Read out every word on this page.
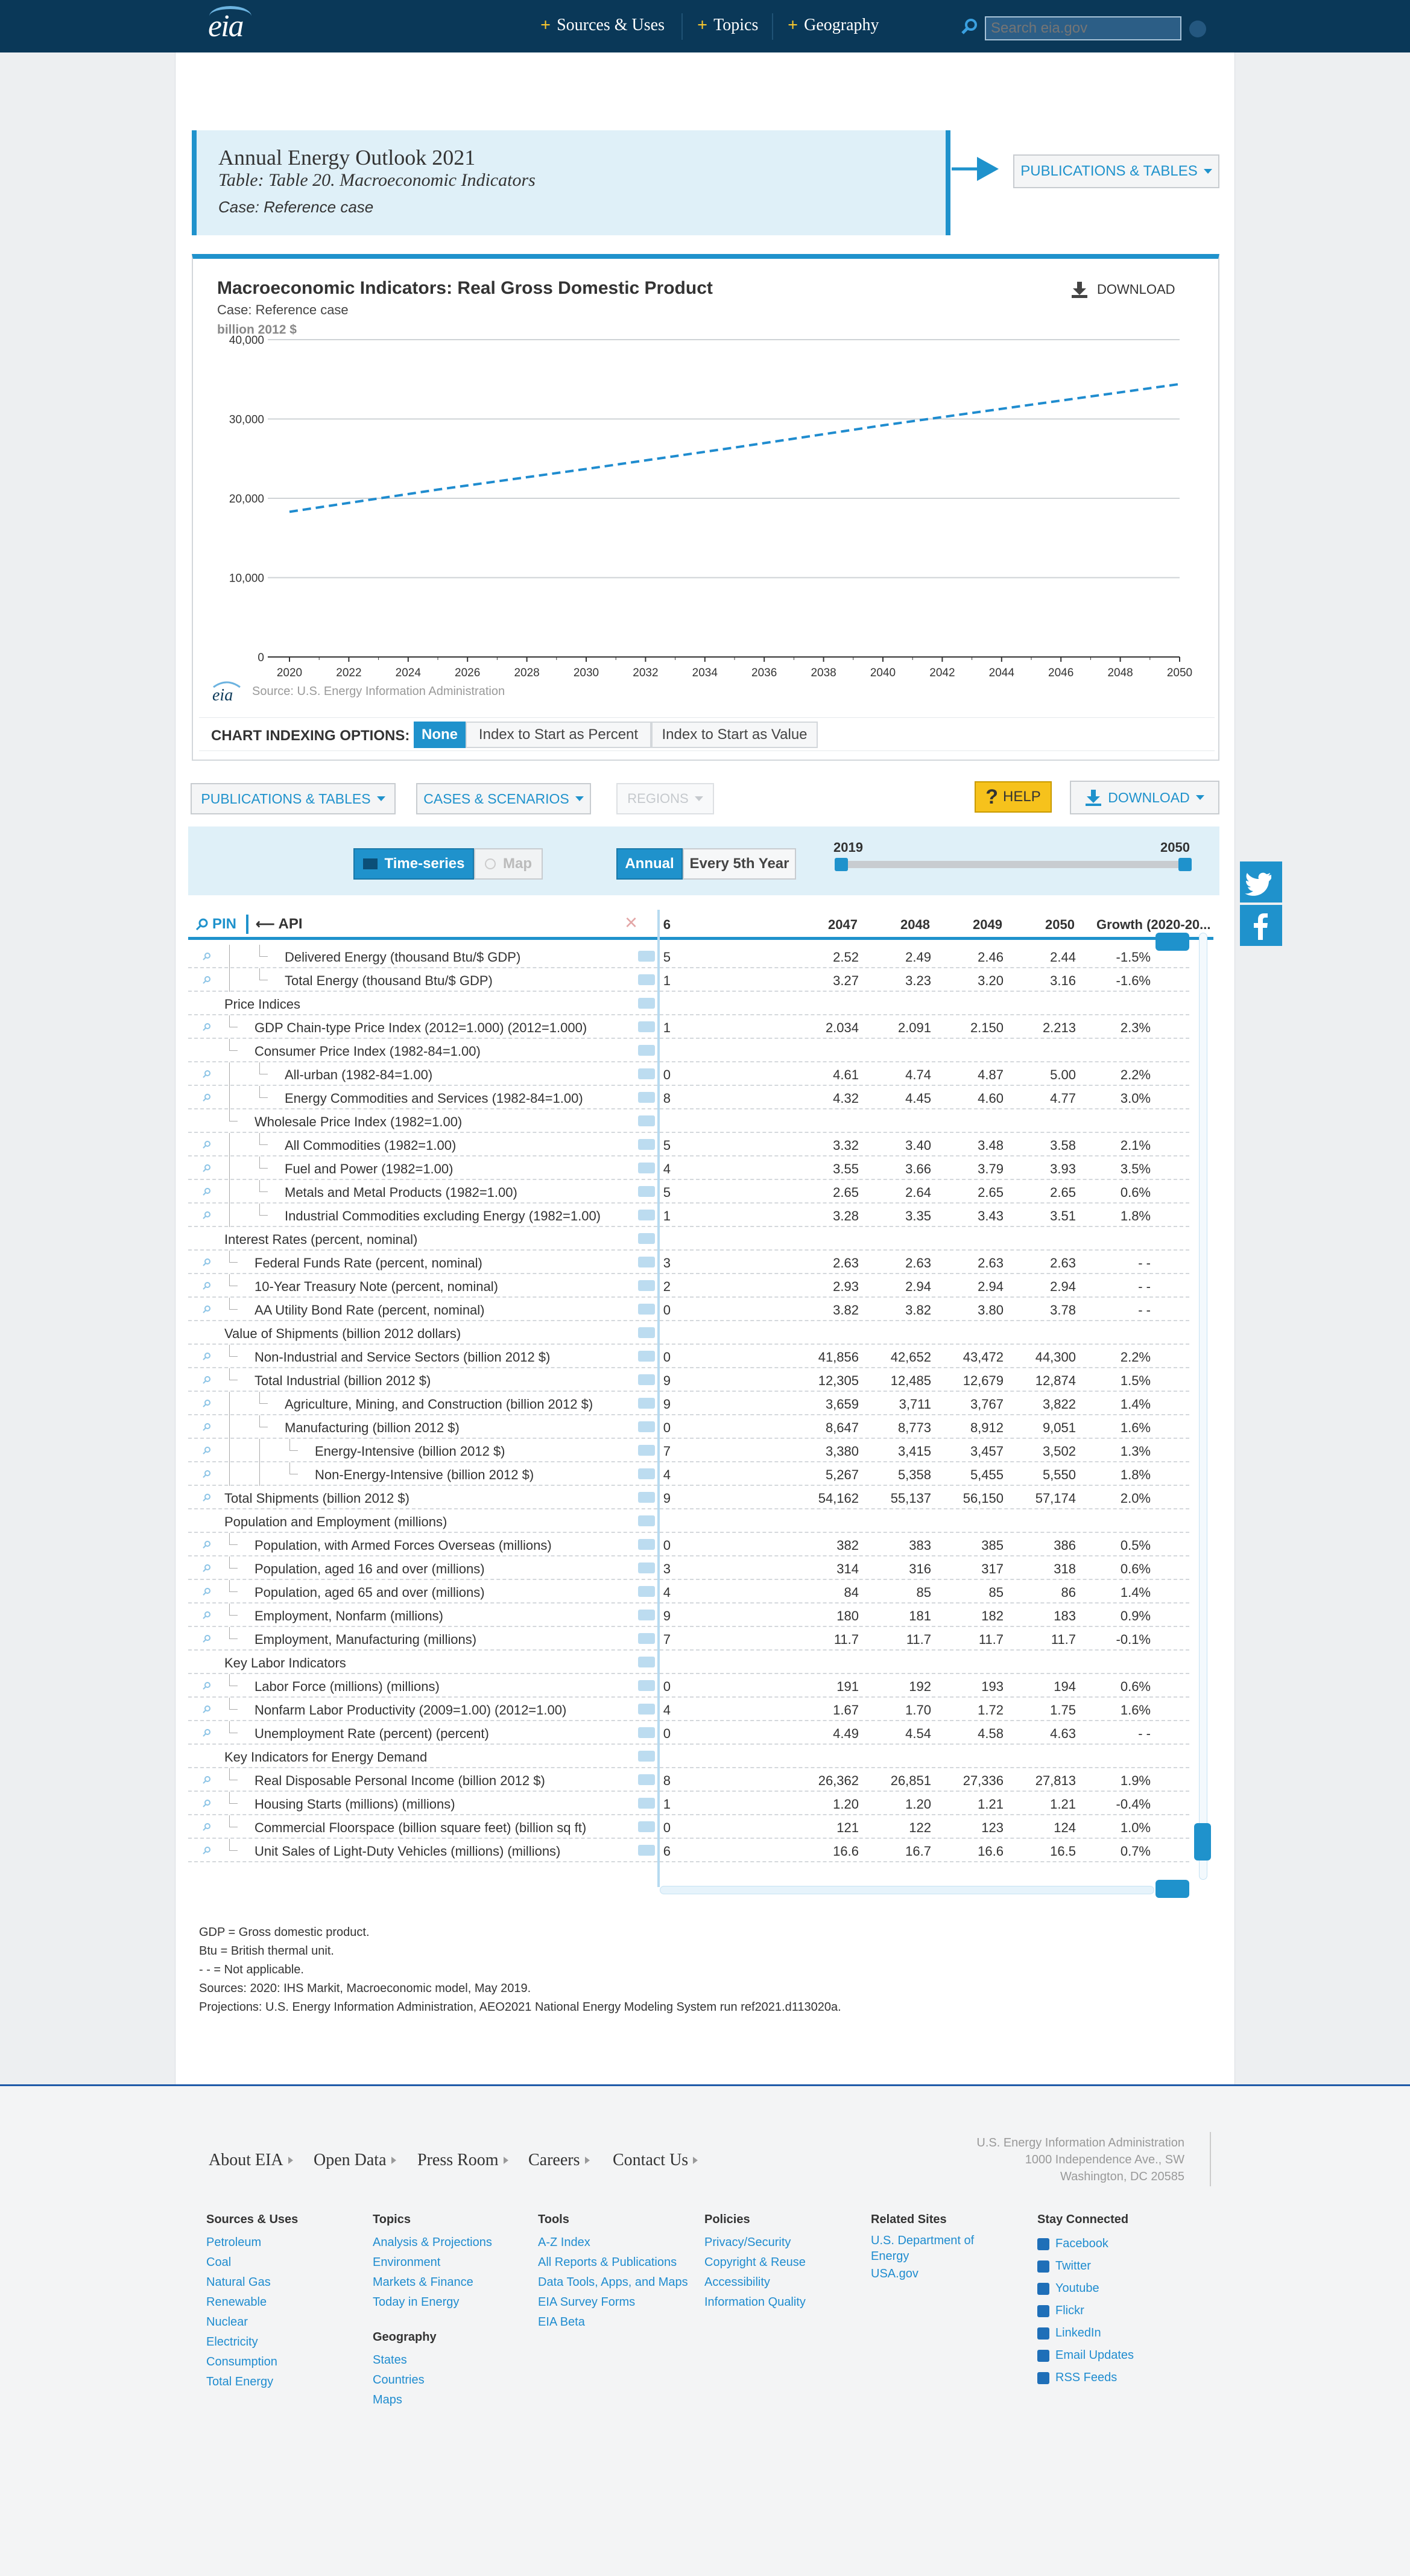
eia	+ Sources & Uses + Topics + Geography
Search eia.gov
Annual Energy Outlook 2021
Table: Table 20. Macroeconomic Indicators
Case: Reference case
PUBLICATIONS & TABLES
Macroeconomic Indicators: Real Gross Domestic Product
Case: Reference case
billion 2012 $
DOWNLOAD
0
10,000
20,000
30,000
40,000
2020	2022	2024	2026	2028	2030	2032	2034	2036	2038	2040	2042	2044	2046	2048	2050
eia Source: U.S. Energy Information Administration
CHART INDEXING OPTIONS: None	Index to Start as Percent	Index to Start as Value
PUBLICATIONS & TABLES	CASES & SCENARIOS	REGIONS	? HELP	DOWNLOAD
Time-series	Map	Annual	Every 5th Year
2019	2050
PIN ⟵ API	×	6	2047	2048	2049	2050	Growth (2020-20...
Delivered Energy (thousand Btu/$ GDP)	5	2.52	2.49	2.46	2.44	-1.5%
Total Energy (thousand Btu/$ GDP)	1	3.27	3.23	3.20	3.16	-1.6%
Price Indices
GDP Chain-type Price Index (2012=1.000) (2012=1.000)	1	2.034	2.091	2.150	2.213	2.3%
Consumer Price Index (1982-84=1.00)
All-urban (1982-84=1.00)	0	4.61	4.74	4.87	5.00	2.2%
Energy Commodities and Services (1982-84=1.00)	8	4.32	4.45	4.60	4.77	3.0%
Wholesale Price Index (1982=1.00)
All Commodities (1982=1.00)	5	3.32	3.40	3.48	3.58	2.1%
Fuel and Power (1982=1.00)	4	3.55	3.66	3.79	3.93	3.5%
Metals and Metal Products (1982=1.00)	5	2.65	2.64	2.65	2.65	0.6%
Industrial Commodities excluding Energy (1982=1.00)	1	3.28	3.35	3.43	3.51	1.8%
Interest Rates (percent, nominal)
Federal Funds Rate (percent, nominal)	3	2.63	2.63	2.63	2.63	- -
10-Year Treasury Note (percent, nominal)	2	2.93	2.94	2.94	2.94	- -
AA Utility Bond Rate (percent, nominal)	0	3.82	3.82	3.80	3.78	- -
Value of Shipments (billion 2012 dollars)
Non-Industrial and Service Sectors (billion 2012 $)	0	41,856	42,652	43,472	44,300	2.2%
Total Industrial (billion 2012 $)	9	12,305	12,485	12,679	12,874	1.5%
Agriculture, Mining, and Construction (billion 2012 $)	9	3,659	3,711	3,767	3,822	1.4%
Manufacturing (billion 2012 $)	0	8,647	8,773	8,912	9,051	1.6%
Energy-Intensive (billion 2012 $)	7	3,380	3,415	3,457	3,502	1.3%
Non-Energy-Intensive (billion 2012 $)	4	5,267	5,358	5,455	5,550	1.8%
Total Shipments (billion 2012 $)	9	54,162	55,137	56,150	57,174	2.0%
Population and Employment (millions)
Population, with Armed Forces Overseas (millions)	0	382	383	385	386	0.5%
Population, aged 16 and over (millions)	3	314	316	317	318	0.6%
Population, aged 65 and over (millions)	4	84	85	85	86	1.4%
Employment, Nonfarm (millions)	9	180	181	182	183	0.9%
Employment, Manufacturing (millions)	7	11.7	11.7	11.7	11.7	-0.1%
Key Labor Indicators
Labor Force (millions) (millions)	0	191	192	193	194	0.6%
Nonfarm Labor Productivity (2009=1.00) (2012=1.00)	4	1.67	1.70	1.72	1.75	1.6%
Unemployment Rate (percent) (percent)	0	4.49	4.54	4.58	4.63	- -
Key Indicators for Energy Demand
Real Disposable Personal Income (billion 2012 $)	8	26,362	26,851	27,336	27,813	1.9%
Housing Starts (millions) (millions)	1	1.20	1.20	1.21	1.21	-0.4%
Commercial Floorspace (billion square feet) (billion sq ft)	0	121	122	123	124	1.0%
Unit Sales of Light-Duty Vehicles (millions) (millions)	6	16.6	16.7	16.6	16.5	0.7%
GDP = Gross domestic product.
Btu = British thermal unit.
- - = Not applicable.
Sources: 2020: IHS Markit, Macroeconomic model, May 2019.
Projections: U.S. Energy Information Administration, AEO2021 National Energy Modeling System run ref2021.d113020a.
About EIA Open Data Press Room Careers Contact Us
U.S. Energy Information Administration
1000 Independence Ave., SW
Washington, DC 20585
Sources & Uses
Petroleum
Coal
Natural Gas
Renewable
Nuclear
Electricity
Consumption
Total Energy
Topics
Analysis & Projections
Environment
Markets & Finance
Today in Energy
Geography
States
Countries
Maps
Tools
A-Z Index
All Reports & Publications
Data Tools, Apps, and Maps
EIA Survey Forms
EIA Beta
Policies
Privacy/Security
Copyright & Reuse
Accessibility
Information Quality
Related Sites
U.S. Department of Energy
USA.gov
Stay Connected
Facebook
Twitter
Youtube
Flickr
LinkedIn
Email Updates
RSS Feeds
